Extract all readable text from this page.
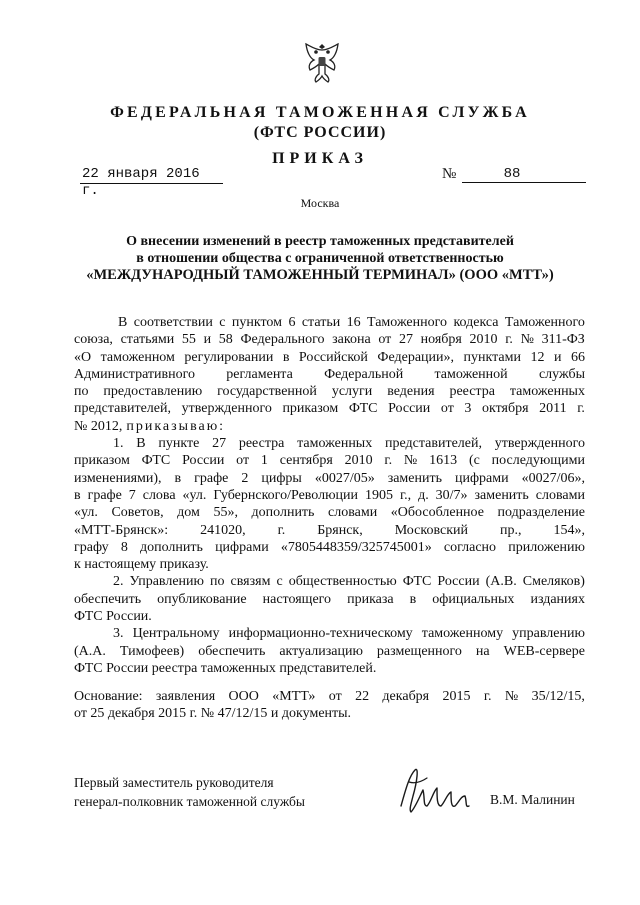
ФЕДЕРАЛЬНАЯ ТАМОЖЕННАЯ СЛУЖБА
(ФТС РОССИИ)
ПРИКАЗ
22 января 2016 г.
№	88
Москва
О внесении изменений в реестр таможенных представителей
в отношении общества с ограниченной ответственностью
«МЕЖДУНАРОДНЫЙ ТАМОЖЕННЫЙ ТЕРМИНАЛ» (ООО «МТТ»)
В соответствии с пунктом 6 статьи 16 Таможенного кодекса Таможенного
союза, статьями 55 и 58 Федерального закона от 27 ноября 2010 г. № 311-ФЗ
«О таможенном регулировании в Российской Федерации», пунктами 12 и 66
Административного регламента Федеральной таможенной службы
по предоставлению государственной услуги ведения реестра таможенных
представителей, утвержденного приказом ФТС России от 3 октября 2011 г.
№ 2012, приказываю:
1. В пункте 27 реестра таможенных представителей, утвержденного
приказом ФТС России от 1 сентября 2010 г. № 1613 (с последующими
изменениями), в графе 2 цифры «0027/05» заменить цифрами «0027/06»,
в графе 7 слова «ул. Губернского/Революции 1905 г., д. 30/7» заменить словами
«ул. Советов, дом 55», дополнить словами «Обособленное подразделение
«МТТ-Брянск»: 241020, г. Брянск, Московский пр., 154»,
графу 8 дополнить цифрами «7805448359/325745001» согласно приложению
к настоящему приказу.
2. Управлению по связям с общественностью ФТС России (А.В. Смеляков)
обеспечить опубликование настоящего приказа в официальных изданиях
ФТС России.
3. Центральному информационно-техническому таможенному управлению
(А.А. Тимофеев) обеспечить актуализацию размещенного на WEB-сервере
ФТС России реестра таможенных представителей.
Основание: заявления ООО «МТТ» от 22 декабря 2015 г. № 35/12/15,
от 25 декабря 2015 г. № 47/12/15 и документы.
Первый заместитель руководителя
генерал-полковник таможенной службы	В.М. Малинин
